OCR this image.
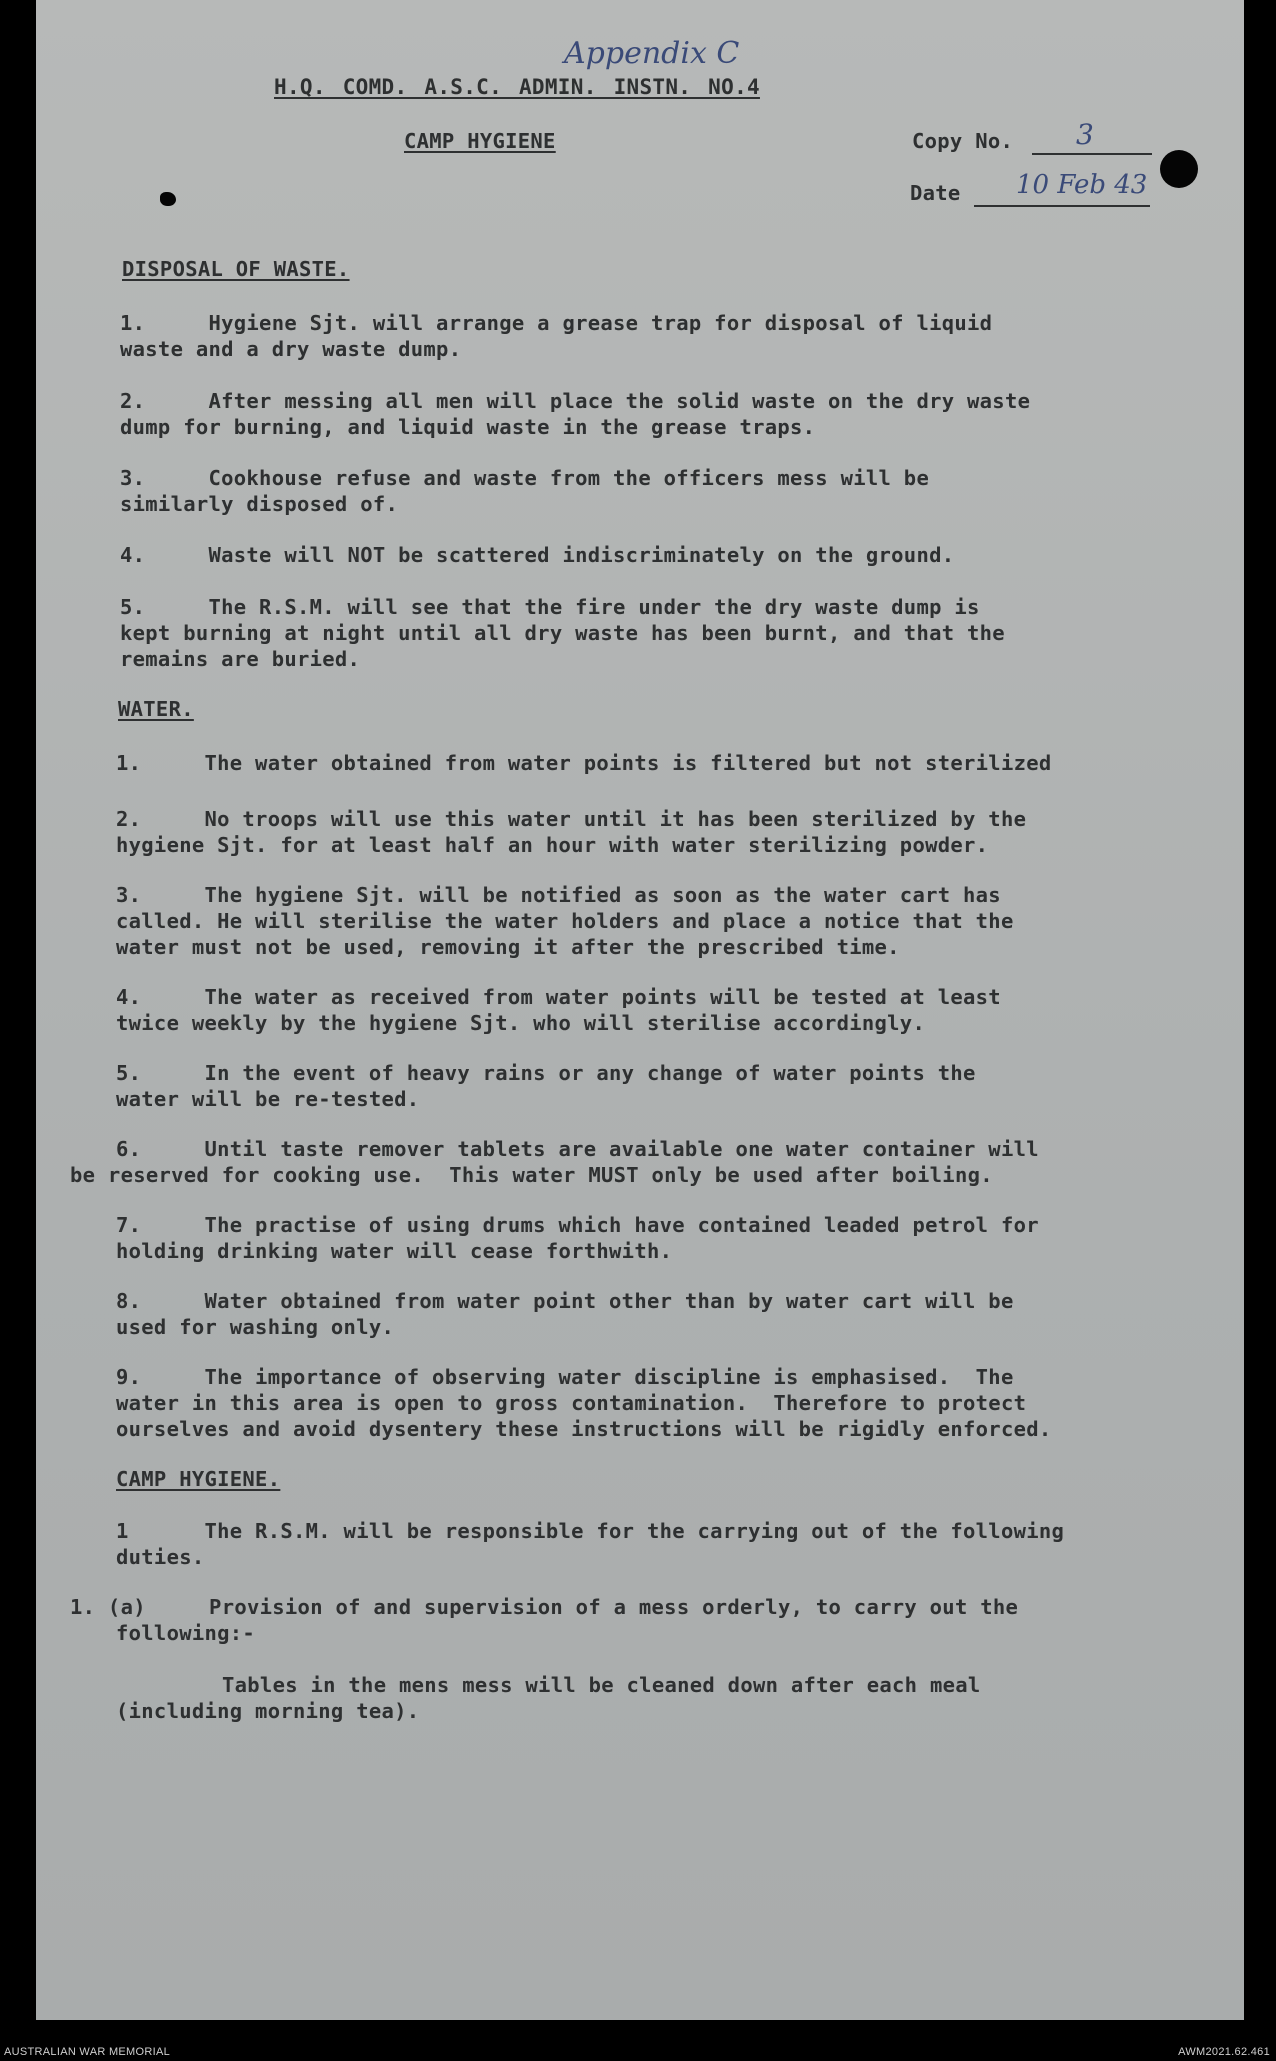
H.Q. COMD. A.S.C. ADMIN. INSTN. NO.4
Appendix C
CAMP HYGIENE	Copy No. 3
Date 10 Feb 43
DISPOSAL OF WASTE.
1.     Hygiene Sjt. will arrange a grease trap for disposal of liquid
waste and a dry waste dump.
2.     After messing all men will place the solid waste on the dry waste
dump for burning, and liquid waste in the grease traps.
3.     Cookhouse refuse and waste from the officers mess will be
similarly disposed of.
4.     Waste will NOT be scattered indiscriminately on the ground.
5.     The R.S.M. will see that the fire under the dry waste dump is
kept burning at night until all dry waste has been burnt, and that the
remains are buried.
WATER.
1.     The water obtained from water points is filtered but not sterilized
2.     No troops will use this water until it has been sterilized by the
hygiene Sjt. for at least half an hour with water sterilizing powder.
3.     The hygiene Sjt. will be notified as soon as the water cart has
called. He will sterilise the water holders and place a notice that the
water must not be used, removing it after the prescribed time.
4.     The water as received from water points will be tested at least
twice weekly by the hygiene Sjt. who will sterilise accordingly.
5.     In the event of heavy rains or any change of water points the
water will be re-tested.
6.     Until taste remover tablets are available one water container will
be reserved for cooking use.  This water MUST only be used after boiling.
7.     The practise of using drums which have contained leaded petrol for
holding drinking water will cease forthwith.
8.     Water obtained from water point other than by water cart will be
used for washing only.
9.     The importance of observing water discipline is emphasised.  The
water in this area is open to gross contamination.  Therefore to protect
ourselves and avoid dysentery these instructions will be rigidly enforced.
CAMP HYGIENE.
1      The R.S.M. will be responsible for the carrying out of the following
duties.
1. (a)     Provision of and supervision of a mess orderly, to carry out the
following:-
Tables in the mens mess will be cleaned down after each meal
(including morning tea).
AUSTRALIAN WAR MEMORIAL	AWM2021.62.461
